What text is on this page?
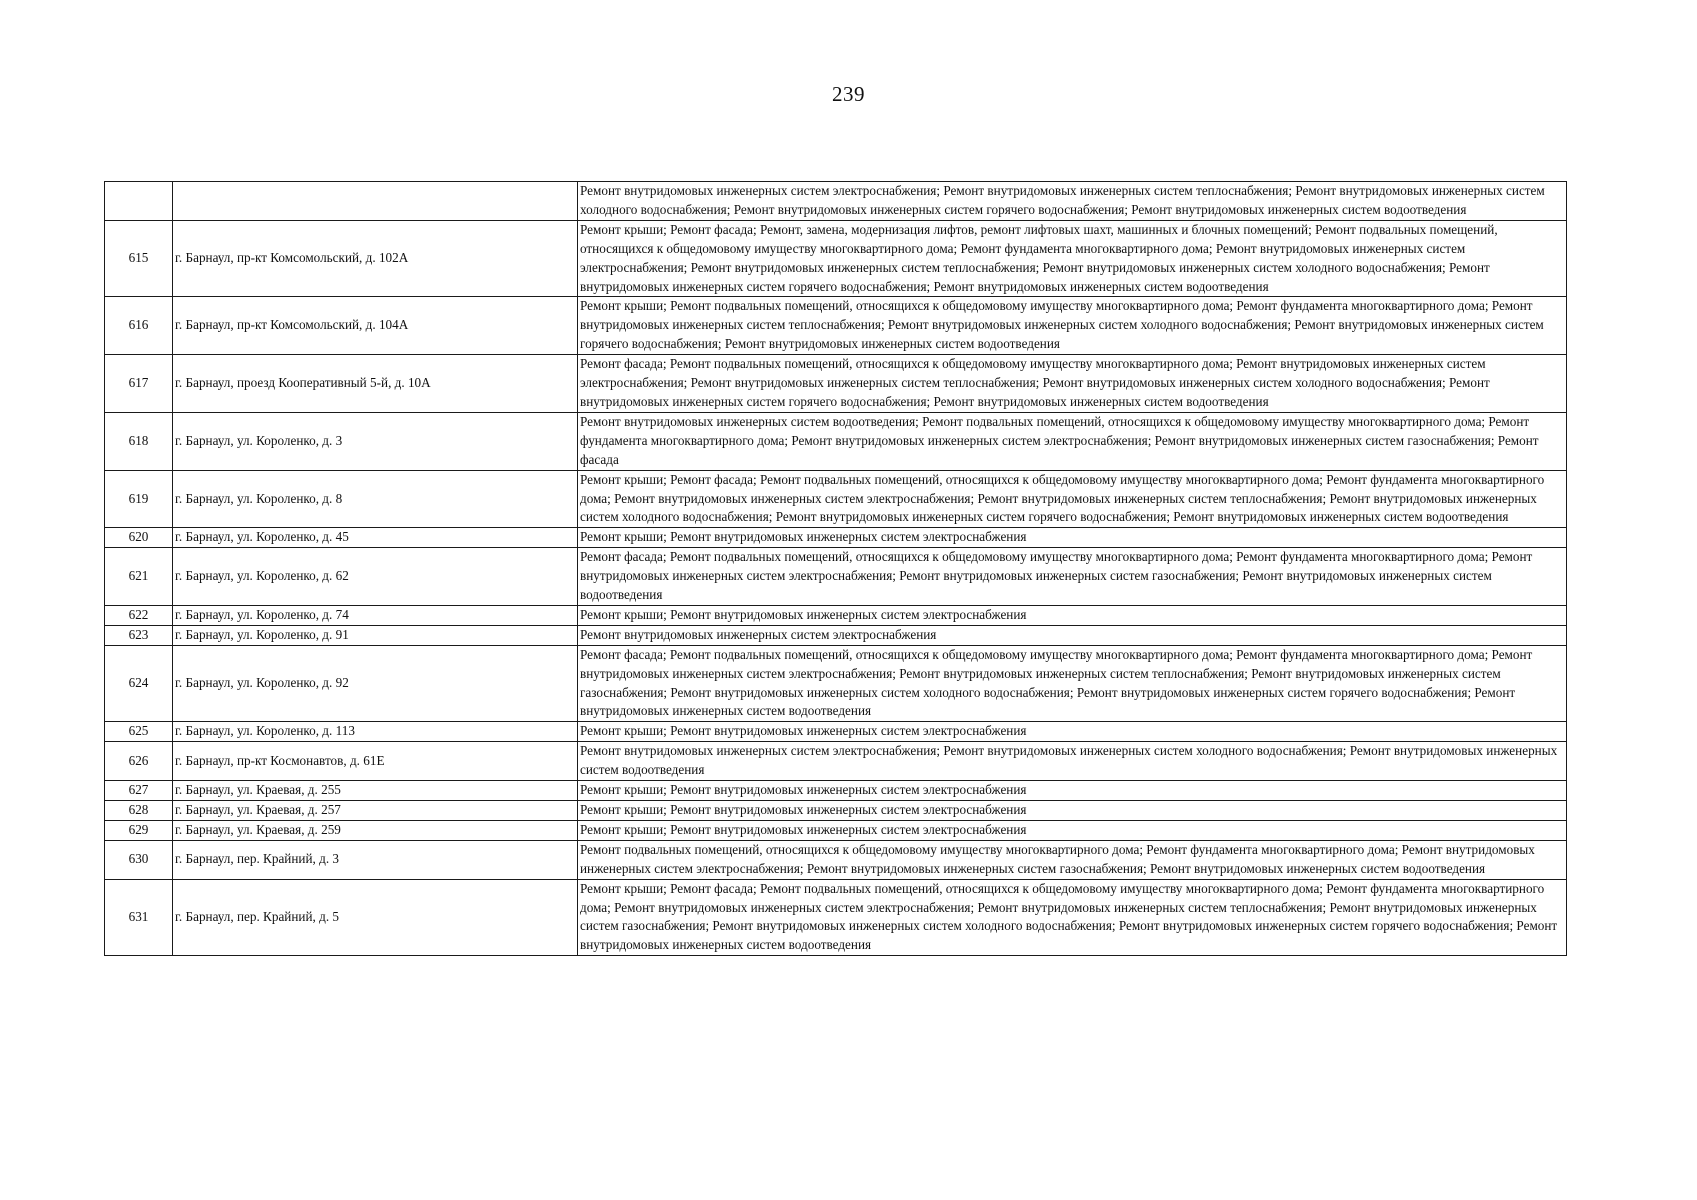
239
		Ремонт внутридомовых инженерных систем электроснабжения; Ремонт внутридомовых инженерных систем теплоснабжения; Ремонт внутридомовых инженерных систем холодного водоснабжения; Ремонт внутридомовых инженерных систем горячего водоснабжения; Ремонт внутридомовых инженерных систем водоотведения
615	г. Барнаул, пр-кт Комсомольский, д. 102А	Ремонт крыши; Ремонт фасада; Ремонт, замена, модернизация лифтов, ремонт лифтовых шахт, машинных и блочных помещений; Ремонт подвальных помещений, относящихся к общедомовому имуществу многоквартирного дома; Ремонт фундамента многоквартирного дома; Ремонт внутридомовых инженерных систем электроснабжения; Ремонт внутридомовых инженерных систем теплоснабжения; Ремонт внутридомовых инженерных систем холодного водоснабжения; Ремонт внутридомовых инженерных систем горячего водоснабжения; Ремонт внутридомовых инженерных систем водоотведения
616	г. Барнаул, пр-кт Комсомольский, д. 104А	Ремонт крыши; Ремонт подвальных помещений, относящихся к общедомовому имуществу многоквартирного дома; Ремонт фундамента многоквартирного дома; Ремонт внутридомовых инженерных систем теплоснабжения; Ремонт внутридомовых инженерных систем холодного водоснабжения; Ремонт внутридомовых инженерных систем горячего водоснабжения; Ремонт внутридомовых инженерных систем водоотведения
617	г. Барнаул, проезд Кооперативный 5-й, д. 10А	Ремонт фасада; Ремонт подвальных помещений, относящихся к общедомовому имуществу многоквартирного дома; Ремонт внутридомовых инженерных систем электроснабжения; Ремонт внутридомовых инженерных систем теплоснабжения; Ремонт внутридомовых инженерных систем холодного водоснабжения; Ремонт внутридомовых инженерных систем горячего водоснабжения; Ремонт внутридомовых инженерных систем водоотведения
618	г. Барнаул, ул. Короленко, д. 3	Ремонт внутридомовых инженерных систем водоотведения; Ремонт подвальных помещений, относящихся к общедомовому имуществу многоквартирного дома; Ремонт фундамента многоквартирного дома; Ремонт внутридомовых инженерных систем электроснабжения; Ремонт внутридомовых инженерных систем газоснабжения; Ремонт фасада
619	г. Барнаул, ул. Короленко, д. 8	Ремонт крыши; Ремонт фасада; Ремонт подвальных помещений, относящихся к общедомовому имуществу многоквартирного дома; Ремонт фундамента многоквартирного дома; Ремонт внутридомовых инженерных систем электроснабжения; Ремонт внутридомовых инженерных систем теплоснабжения; Ремонт внутридомовых инженерных систем холодного водоснабжения; Ремонт внутридомовых инженерных систем горячего водоснабжения; Ремонт внутридомовых инженерных систем водоотведения
620	г. Барнаул, ул. Короленко, д. 45	Ремонт крыши; Ремонт внутридомовых инженерных систем электроснабжения
621	г. Барнаул, ул. Короленко, д. 62	Ремонт фасада; Ремонт подвальных помещений, относящихся к общедомовому имуществу многоквартирного дома; Ремонт фундамента многоквартирного дома; Ремонт внутридомовых инженерных систем электроснабжения; Ремонт внутридомовых инженерных систем газоснабжения; Ремонт внутридомовых инженерных систем водоотведения
622	г. Барнаул, ул. Короленко, д. 74	Ремонт крыши; Ремонт внутридомовых инженерных систем электроснабжения
623	г. Барнаул, ул. Короленко, д. 91	Ремонт внутридомовых инженерных систем электроснабжения
624	г. Барнаул, ул. Короленко, д. 92	Ремонт фасада; Ремонт подвальных помещений, относящихся к общедомовому имуществу многоквартирного дома; Ремонт фундамента многоквартирного дома; Ремонт внутридомовых инженерных систем электроснабжения; Ремонт внутридомовых инженерных систем теплоснабжения; Ремонт внутридомовых инженерных систем газоснабжения; Ремонт внутридомовых инженерных систем холодного водоснабжения; Ремонт внутридомовых инженерных систем горячего водоснабжения; Ремонт внутридомовых инженерных систем водоотведения
625	г. Барнаул, ул. Короленко, д. 113	Ремонт крыши; Ремонт внутридомовых инженерных систем электроснабжения
626	г. Барнаул, пр-кт Космонавтов, д. 61Е	Ремонт внутридомовых инженерных систем электроснабжения; Ремонт внутридомовых инженерных систем холодного водоснабжения; Ремонт внутридомовых инженерных систем водоотведения
627	г. Барнаул, ул. Краевая, д. 255	Ремонт крыши; Ремонт внутридомовых инженерных систем электроснабжения
628	г. Барнаул, ул. Краевая, д. 257	Ремонт крыши; Ремонт внутридомовых инженерных систем электроснабжения
629	г. Барнаул, ул. Краевая, д. 259	Ремонт крыши; Ремонт внутридомовых инженерных систем электроснабжения
630	г. Барнаул, пер. Крайний, д. 3	Ремонт подвальных помещений, относящихся к общедомовому имуществу многоквартирного дома; Ремонт фундамента многоквартирного дома; Ремонт внутридомовых инженерных систем электроснабжения; Ремонт внутридомовых инженерных систем газоснабжения; Ремонт внутридомовых инженерных систем водоотведения
631	г. Барнаул, пер. Крайний, д. 5	Ремонт крыши; Ремонт фасада; Ремонт подвальных помещений, относящихся к общедомовому имуществу многоквартирного дома; Ремонт фундамента многоквартирного дома; Ремонт внутридомовых инженерных систем электроснабжения; Ремонт внутридомовых инженерных систем теплоснабжения; Ремонт внутридомовых инженерных систем газоснабжения; Ремонт внутридомовых инженерных систем холодного водоснабжения; Ремонт внутридомовых инженерных систем горячего водоснабжения; Ремонт внутридомовых инженерных систем водоотведения
